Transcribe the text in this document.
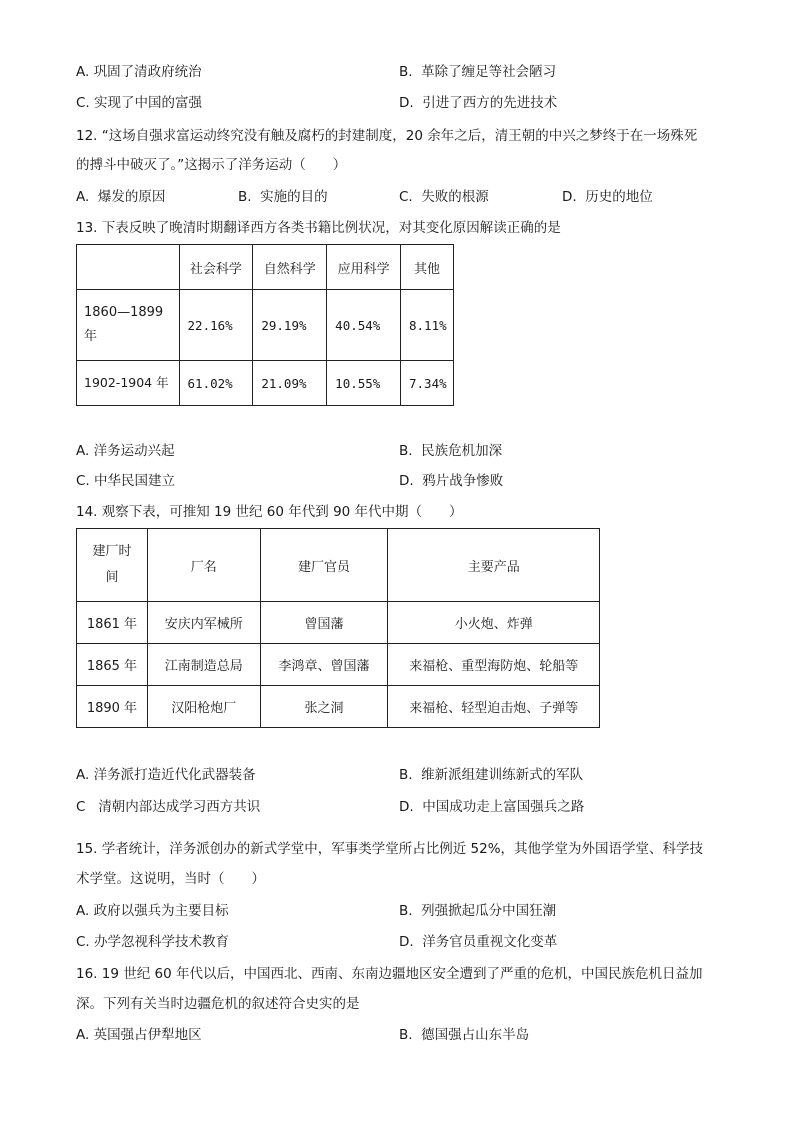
A. 巩固了清政府统治	B. 革除了缠足等社会陋习
C. 实现了中国的富强	D. 引进了西方的先进技术
12. “这场自强求富运动终究没有触及腐朽的封建制度，20 余年之后，清王朝的中兴之梦终于在一场殊死
的搏斗中破灭了。”这揭示了洋务运动（　　）
A. 爆发的原因	B. 实施的目的	C. 失败的根源	D. 历史的地位
13. 下表反映了晚清时期翻译西方各类书籍比例状况，对其变化原因解读正确的是
	社会科学	自然科学	应用科学	其他

1860—1899
年	22.16%	29.19%	40.54%	8.11%
1902-1904 年	61.02%	21.09%	10.55%	7.34%
A. 洋务运动兴起	B. 民族危机加深
C. 中华民国建立	D. 鸦片战争惨败
14. 观察下表，可推知 19 世纪 60 年代到 90 年代中期（　　）
建厂时
间	厂名	建厂官员	主要产品
1861 年	安庆内军械所	曾国藩	小火炮、炸弹
1865 年	江南制造总局	李鸿章、曾国藩	来福枪、重型海防炮、轮船等
1890 年	汉阳枪炮厂	张之洞	来福枪、轻型迫击炮、子弹等
A. 洋务派打造近代化武器装备	B. 维新派组建训练新式的军队
C 清朝内部达成学习西方共识	D. 中国成功走上富国强兵之路
15. 学者统计，洋务派创办的新式学堂中，军事类学堂所占比例近 52%，其他学堂为外国语学堂、科学技
术学堂。这说明，当时（　　）
A. 政府以强兵为主要目标	B. 列强掀起瓜分中国狂潮
C. 办学忽视科学技术教育	D. 洋务官员重视文化变革
16. 19 世纪 60 年代以后，中国西北、西南、东南边疆地区安全遭到了严重的危机，中国民族危机日益加
深。下列有关当时边疆危机的叙述符合史实的是
A. 英国强占伊犁地区	B. 德国强占山东半岛
